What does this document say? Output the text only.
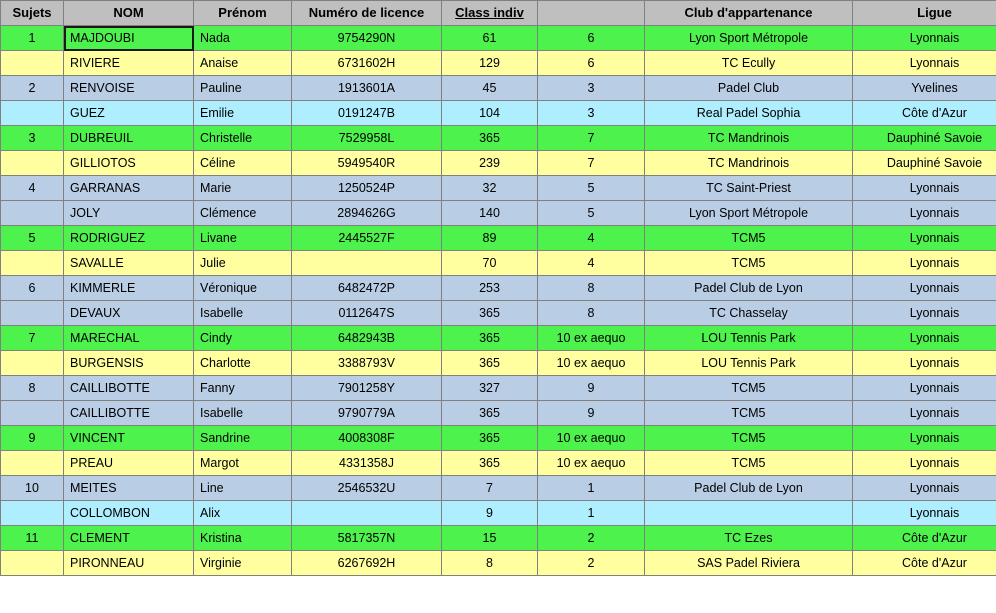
Sujets	NOM	Prénom	Numéro de licence	Class indiv		Club d'appartenance	Ligue
1	MAJDOUBI	Nada	9754290N	61	6	Lyon Sport Métropole	Lyonnais
	RIVIERE	Anaise	6731602H	129	6	TC Ecully	Lyonnais
2	RENVOISE	Pauline	1913601A	45	3	Padel Club	Yvelines
	GUEZ	Emilie	0191247B	104	3	Real Padel Sophia	Côte d'Azur
3	DUBREUIL	Christelle	7529958L	365	7	TC Mandrinois	Dauphiné Savoie
	GILLIOTOS	Céline	5949540R	239	7	TC Mandrinois	Dauphiné Savoie
4	GARRANAS	Marie	1250524P	32	5	TC Saint-Priest	Lyonnais
	JOLY	Clémence	2894626G	140	5	Lyon Sport Métropole	Lyonnais
5	RODRIGUEZ	Livane	2445527F	89	4	TCM5	Lyonnais
	SAVALLE	Julie		70	4	TCM5	Lyonnais
6	KIMMERLE	Véronique	6482472P	253	8	Padel Club de Lyon	Lyonnais
	DEVAUX	Isabelle	0112647S	365	8	TC Chasselay	Lyonnais
7	MARECHAL	Cindy	6482943B	365	10 ex aequo	LOU Tennis Park	Lyonnais
	BURGENSIS	Charlotte	3388793V	365	10 ex aequo	LOU Tennis Park	Lyonnais
8	CAILLIBOTTE	Fanny	7901258Y	327	9	TCM5	Lyonnais
	CAILLIBOTTE	Isabelle	9790779A	365	9	TCM5	Lyonnais
9	VINCENT	Sandrine	4008308F	365	10 ex aequo	TCM5	Lyonnais
	PREAU	Margot	4331358J	365	10 ex aequo	TCM5	Lyonnais
10	MEITES	Line	2546532U	7	1	Padel Club de Lyon	Lyonnais
	COLLOMBON	Alix		9	1		Lyonnais
11	CLEMENT	Kristina	5817357N	15	2	TC Ezes	Côte d'Azur
	PIRONNEAU	Virginie	6267692H	8	2	SAS Padel Riviera	Côte d'Azur
